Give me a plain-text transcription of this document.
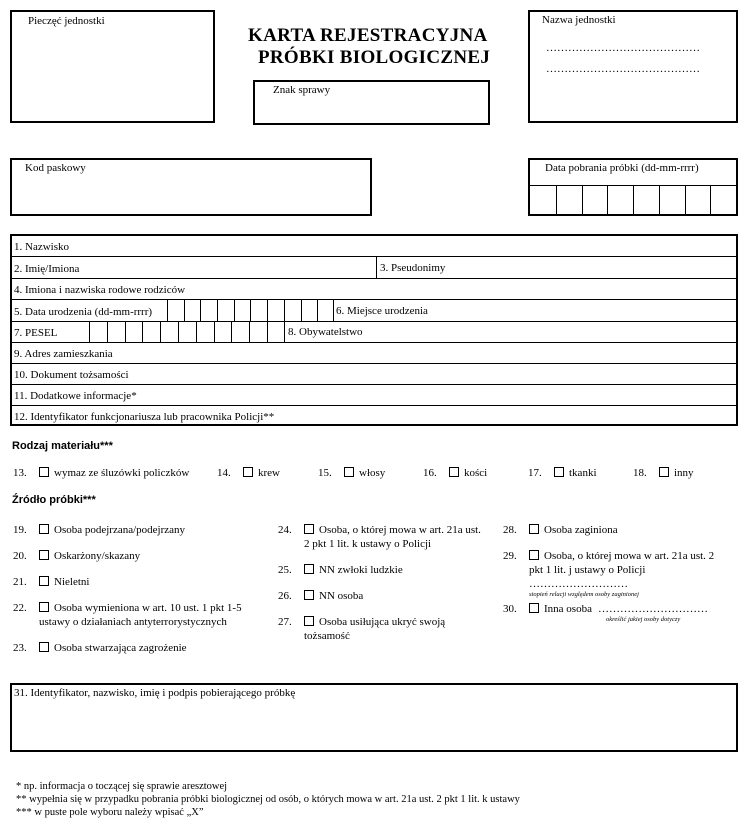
Pieczęć jednostki
KARTA REJESTRACYJNA
PRÓBKI BIOLOGICZNEJ
Znak sprawy
Nazwa jednostki
……………………………………
……………………………………
Kod paskowy	Data pobrania próbki (dd-mm-rrrr)
1. Nazwisko
2. Imię/Imiona	3. Pseudonimy
4. Imiona i nazwiska rodowe rodziców
5. Data urodzenia (dd-mm-rrrr)	6. Miejsce urodzenia
7. PESEL	8. Obywatelstwo
9. Adres zamieszkania
10. Dokument tożsamości
11. Dodatkowe informacje*
12. Identyfikator funkcjonariusza lub pracownika Policji**
Rodzaj materiału***
13. wymaz ze śluzówki policzków	14. krew	15. włosy	16. kości	17. tkanki	18. inny
Źródło próbki***
19. Osoba podejrzana/podejrzany
20. Oskarżony/skazany
21. Nieletni
22. Osoba wymieniona w art. 10 ust. 1 pkt 1-5
ustawy o działaniach antyterrorystycznych
23. Osoba stwarzająca zagrożenie
24. Osoba, o której mowa w art. 21a ust.
2 pkt 1 lit. k ustawy o Policji
25. NN zwłoki ludzkie
26. NN osoba
27. Osoba usiłująca ukryć swoją
tożsamość
28. Osoba zaginiona
29. Osoba, o której mowa w art. 21a ust. 2
pkt 1 lit. j ustawy o Policji
………………………
stopień relacji względem osoby zaginionej
30. Inna osoba …………………………
określić jakiej osoby dotyczy
31. Identyfikator, nazwisko, imię i podpis pobierającego próbkę
* np. informacja o toczącej się sprawie aresztowej
** wypełnia się w przypadku pobrania próbki biologicznej od osób, o których mowa w art. 21a ust. 2 pkt 1 lit. k ustawy
*** w puste pole wyboru należy wpisać „X”
